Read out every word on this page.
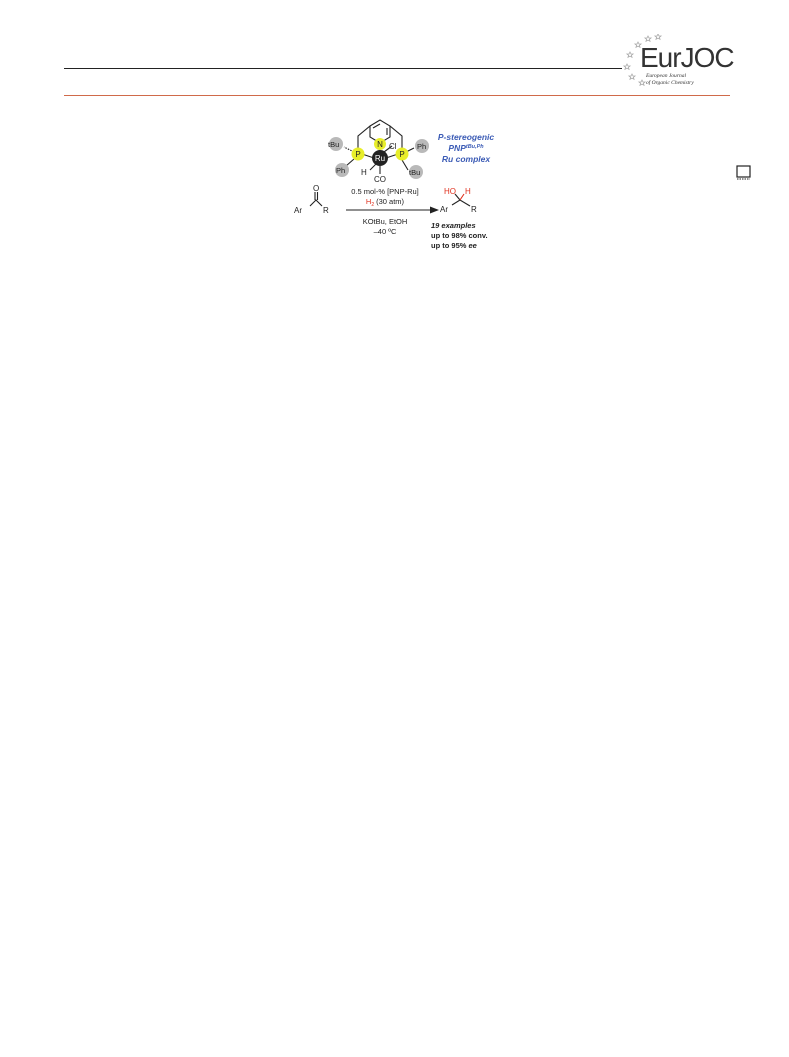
EurJOC
European Journal
of Organic Chemistry
N
Ru
P	P
Cl
H
CO
tBu
Ph
Ph
tBu
P-stereogenic
$PNP^{tBu,Ph}$
Ru complex
O
Ar	R
0.5 mol-% [PNP-Ru]
$H_2$ (30 atm)
KOtBu, EtOH
–40 ºC
HO H
Ar	R
19 examples
up to 98% conv.
up to 95% ee
